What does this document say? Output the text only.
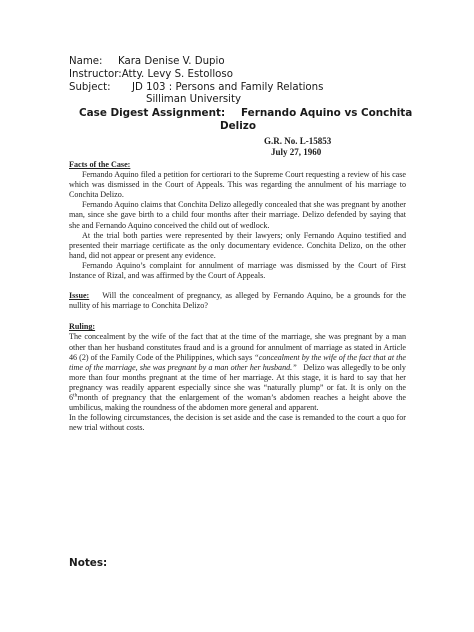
Name: Kara Denise V. Dupio
Instructor:Atty. Levy S. Estolloso
Subject: JD 103 : Persons and Family Relations
Silliman University
Case Digest Assignment: Fernando Aquino vs Conchita
Delizo
G.R. No. L-15853
July 27, 1960

Facts of the Case:

Fernando Aquino filed a petition for certiorari to the Supreme Court requesting a review of his case which was dismissed in the Court of Appeals. This was regarding the annulment of his marriage to Conchita Delizo.

Fernando Aquino claims that Conchita Delizo allegedly concealed that she was pregnant by another man, since she gave birth to a child four months after their marriage. Delizo defended by saying that she and Fernando Aquino conceived the child out of wedlock.

At the trial both parties were represented by their lawyers; only Fernando Aquino testified and presented their marriage certificate as the only documentary evidence. Conchita Delizo, on the other hand, did not appear or present any evidence.

Fernando Aquino’s complaint for annulment of marriage was dismissed by the Court of First Instance of Rizal, and was affirmed by the Court of Appeals.

Issue: Will the concealment of pregnancy, as alleged by Fernando Aquino, be a grounds for the nullity of his marriage to Conchita Delizo?

Ruling:

The concealment by the wife of the fact that at the time of the marriage, she was pregnant by a man other than her husband constitutes fraud and is a ground for annulment of marriage as stated in Article 46 (2) of the Family Code of the Philippines, which says “concealment by the wife of the fact that at the time of the marriage, she was pregnant by a man other her husband.” Delizo was allegedly to be only more than four months pregnant at the time of her marriage. At this stage, it is hard to say that her pregnancy was readily apparent especially since she was “naturally plump” or fat. It is only on the 6thmonth of pregnancy that the enlargement of the woman’s abdomen reaches a height above the umbilicus, making the roundness of the abdomen more general and apparent.

In the following circumstances, the decision is set aside and the case is remanded to the court a quo for new trial without costs.

Notes:
